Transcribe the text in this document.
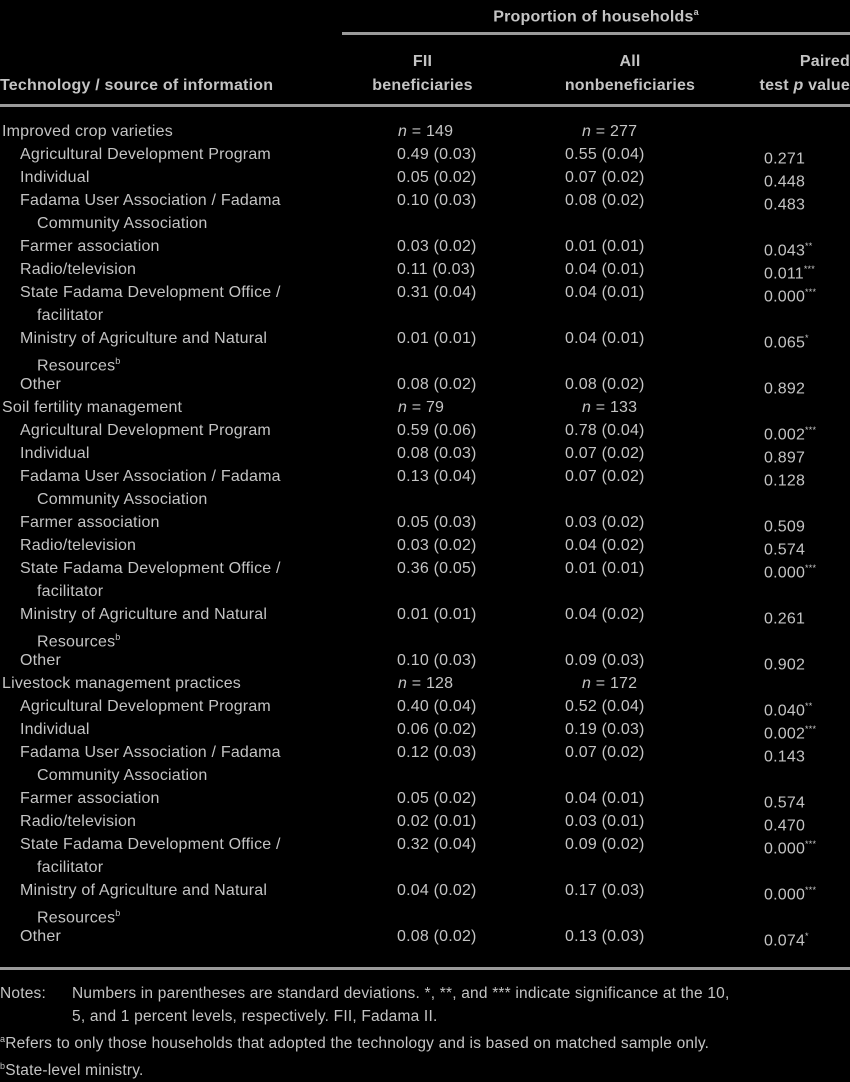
Proportion of households$^a$
Technology / source of information
FII
beneficiaries
All
nonbeneficiaries
Paired
test p value
Improved crop varieties	n = 149	n = 277
Agricultural Development Program	0.49 (0.03)	0.55 (0.04)	0.271
Individual	0.05 (0.02)	0.07 (0.02)	0.448
Fadama User Association / Fadama
Community Association
0.10 (0.03)	0.08 (0.02)	0.483
Farmer association	0.03 (0.02)	0.01 (0.01)	0.043**
Radio/television	0.11 (0.03)	0.04 (0.01)	0.011***
State Fadama Development Office /
facilitator
0.31 (0.04)	0.04 (0.01)	0.000***
Ministry of Agriculture and Natural
Resources$^b$
0.01 (0.01)	0.04 (0.01)	0.065*
Other	0.08 (0.02)	0.08 (0.02)	0.892
Soil fertility management	n = 79	n = 133
Agricultural Development Program	0.59 (0.06)	0.78 (0.04)	0.002***
Individual	0.08 (0.03)	0.07 (0.02)	0.897
Fadama User Association / Fadama
Community Association
0.13 (0.04)	0.07 (0.02)	0.128
Farmer association	0.05 (0.03)	0.03 (0.02)	0.509
Radio/television	0.03 (0.02)	0.04 (0.02)	0.574
State Fadama Development Office /
facilitator
0.36 (0.05)	0.01 (0.01)	0.000***
Ministry of Agriculture and Natural
Resources$^b$
0.01 (0.01)	0.04 (0.02)	0.261
Other	0.10 (0.03)	0.09 (0.03)	0.902
Livestock management practices	n = 128	n = 172
Agricultural Development Program	0.40 (0.04)	0.52 (0.04)	0.040**
Individual	0.06 (0.02)	0.19 (0.03)	0.002***
Fadama User Association / Fadama
Community Association
0.12 (0.03)	0.07 (0.02)	0.143
Farmer association	0.05 (0.02)	0.04 (0.01)	0.574
Radio/television	0.02 (0.01)	0.03 (0.01)	0.470
State Fadama Development Office /
facilitator
0.32 (0.04)	0.09 (0.02)	0.000***
Ministry of Agriculture and Natural
Resources$^b$
0.04 (0.02)	0.17 (0.03)	0.000***
Other	0.08 (0.02)	0.13 (0.03)	0.074*
Notes:	Numbers in parentheses are standard deviations. *, **, and *** indicate significance at the 10,
5, and 1 percent levels, respectively. FII, Fadama II.
$^a$Refers to only those households that adopted the technology and is based on matched sample only.
$^b$State-level ministry.
